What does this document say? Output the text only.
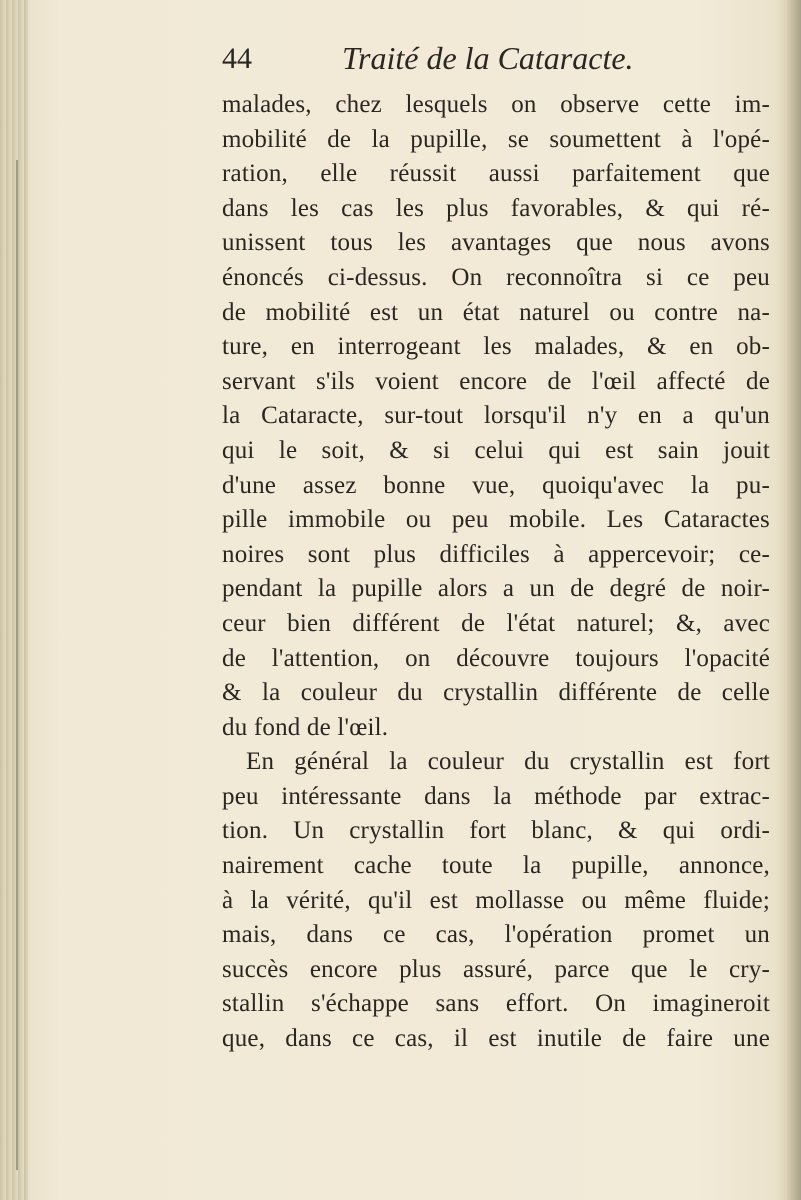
44	Traité de la Cataracte.
malades, chez lesquels on observe cette im-
mobilité de la pupille, se soumettent à l'opé-
ration, elle réussit aussi parfaitement que
dans les cas les plus favorables, & qui ré-
unissent tous les avantages que nous avons
énoncés ci-dessus. On reconnoîtra si ce peu
de mobilité est un état naturel ou contre na-
ture, en interrogeant les malades, & en ob-
servant s'ils voient encore de l'œil affecté de
la Cataracte, sur-tout lorsqu'il n'y en a qu'un
qui le soit, & si celui qui est sain jouit
d'une assez bonne vue, quoiqu'avec la pu-
pille immobile ou peu mobile. Les Cataractes
noires sont plus difficiles à appercevoir; ce-
pendant la pupille alors a un de degré de noir-
ceur bien différent de l'état naturel; &, avec
de l'attention, on découvre toujours l'opacité
& la couleur du crystallin différente de celle
du fond de l'œil.
En général la couleur du crystallin est fort
peu intéressante dans la méthode par extrac-
tion. Un crystallin fort blanc, & qui ordi-
nairement cache toute la pupille, annonce,
à la vérité, qu'il est mollasse ou même fluide;
mais, dans ce cas, l'opération promet un
succès encore plus assuré, parce que le cry-
stallin s'échappe sans effort. On imagineroit
que, dans ce cas, il est inutile de faire une
